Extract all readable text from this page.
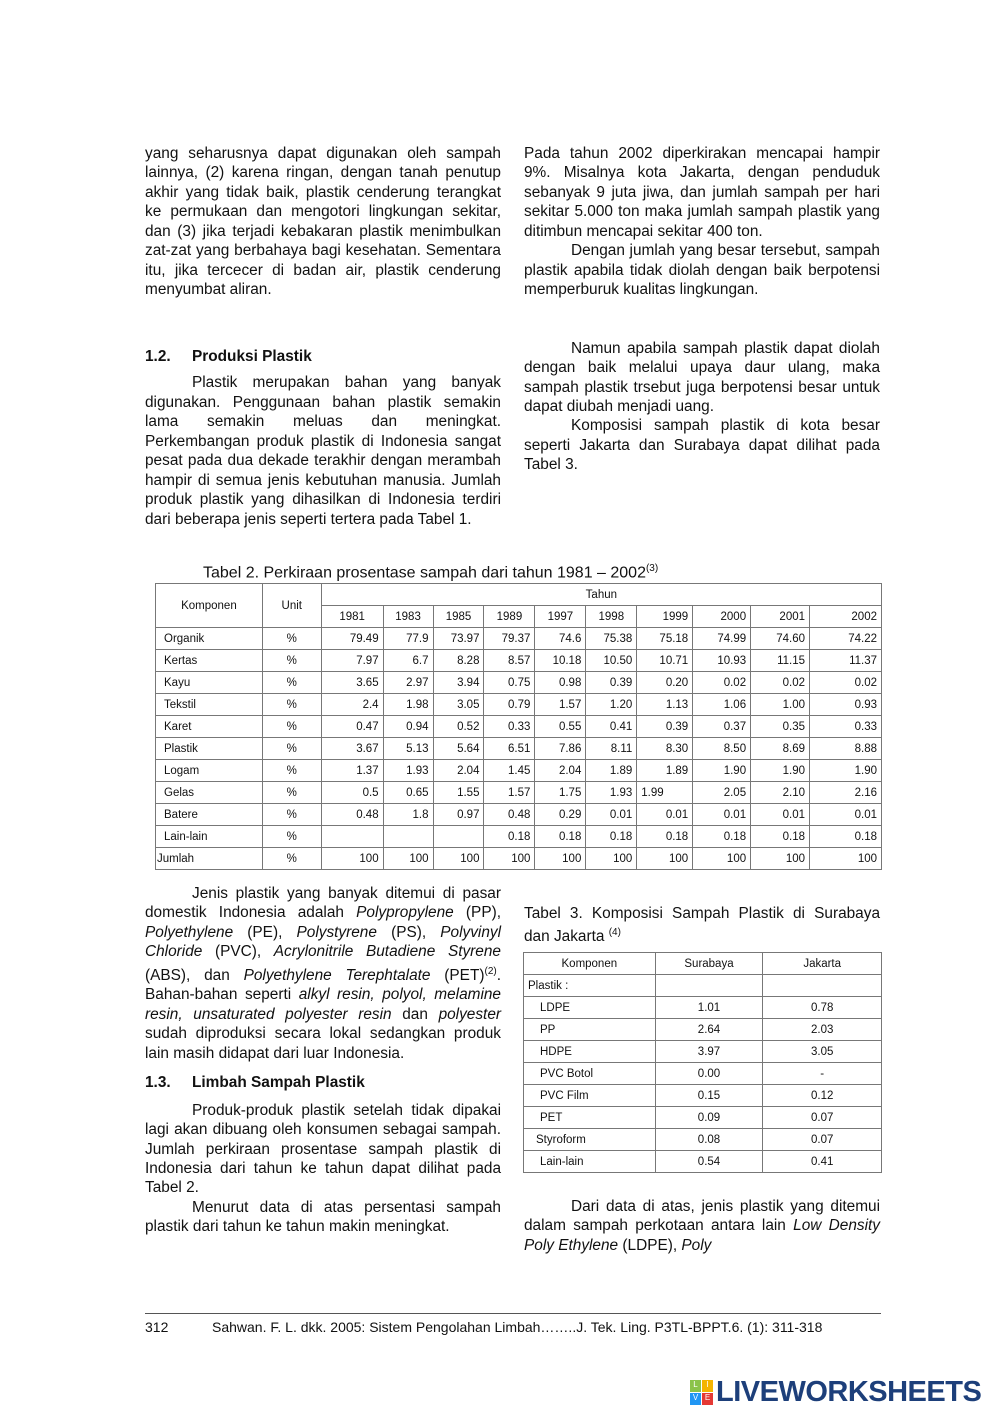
yang seharusnya dapat digunakan oleh sampah lainnya, (2) karena ringan, dengan tanah penutup akhir yang tidak baik, plastik cenderung terangkat ke permukaan dan mengotori lingkungan sekitar, dan (3) jika terjadi kebakaran plastik menimbulkan zat-zat yang berbahaya bagi kesehatan. Sementara itu, jika tercecer di badan air, plastik cenderung menyumbat aliran.

1.2. Produksi Plastik

Plastik merupakan bahan yang banyak digunakan. Penggunaan bahan plastik semakin lama semakin meluas dan meningkat. Perkembangan produk plastik di Indonesia sangat pesat pada dua dekade terakhir dengan merambah hampir di semua jenis kebutuhan manusia. Jumlah produk plastik yang dihasilkan di Indonesia terdiri dari beberapa jenis seperti tertera pada Tabel 1.

Pada tahun 2002 diperkirakan mencapai hampir 9%. Misalnya kota Jakarta, dengan penduduk sebanyak 9 juta jiwa, dan jumlah sampah per hari sekitar 5.000 ton maka jumlah sampah plastik yang ditimbun mencapai sekitar 400 ton.

Dengan jumlah yang besar tersebut, sampah plastik apabila tidak diolah dengan baik berpotensi memperburuk kualitas lingkungan.

Namun apabila sampah plastik dapat diolah dengan baik melalui upaya daur ulang, maka sampah plastik trsebut juga berpotensi besar untuk dapat diubah menjadi uang.

Komposisi sampah plastik di kota besar seperti Jakarta dan Surabaya dapat dilihat pada Tabel 3.

Tabel 2. Perkiraan prosentase sampah dari tahun 1981 – 2002$^{(3)}$
Komponen	Unit	Tahun									
		1981	1983	1985	1989	1997	1998	1999	2000	2001	2002
Organik	%	79.49	77.9	73.97	79.37	74.6	75.38	75.18	74.99	74.60	74.22
Kertas	%	7.97	6.7	8.28	8.57	10.18	10.50	10.71	10.93	11.15	11.37
Kayu	%	3.65	2.97	3.94	0.75	0.98	0.39	0.20	0.02	0.02	0.02
Tekstil	%	2.4	1.98	3.05	0.79	1.57	1.20	1.13	1.06	1.00	0.93
Karet	%	0.47	0.94	0.52	0.33	0.55	0.41	0.39	0.37	0.35	0.33
Plastik	%	3.67	5.13	5.64	6.51	7.86	8.11	8.30	8.50	8.69	8.88
Logam	%	1.37	1.93	2.04	1.45	2.04	1.89	1.89	1.90	1.90	1.90
Gelas	%	0.5	0.65	1.55	1.57	1.75	1.93	1.99	2.05	2.10	2.16
Batere	%	0.48	1.8	0.97	0.48	0.29	0.01	0.01	0.01	0.01	0.01
Lain-lain	%				0.18	0.18	0.18	0.18	0.18	0.18	0.18
Jumlah	%	100	100	100	100	100	100	100	100	100	100

Jenis plastik yang banyak ditemui di pasar domestik Indonesia adalah Polypropylene (PP), Polyethylene (PE), Polystyrene (PS), Polyvinyl Chloride (PVC), Acrylonitrile Butadiene Styrene (ABS), dan Polyethylene Terephtalate (PET)$^{(2)}$. Bahan-bahan seperti alkyl resin, polyol, melamine resin, unsaturated polyester resin dan polyester sudah diproduksi secara lokal sedangkan produk lain masih didapat dari luar Indonesia.

1.3. Limbah Sampah Plastik

Produk-produk plastik setelah tidak dipakai lagi akan dibuang oleh konsumen sebagai sampah. Jumlah perkiraan prosentase sampah plastik di Indonesia dari tahun ke tahun dapat dilihat pada Tabel 2.

Menurut data di atas persentasi sampah plastik dari tahun ke tahun makin meningkat.

Tabel 3. Komposisi Sampah Plastik di Surabaya dan Jakarta $^{(4)}$
Komponen	Surabaya	Jakarta
Plastik :		
LDPE	1.01	0.78
PP	2.64	2.03
HDPE	3.97	3.05
PVC Botol	0.00	-
PVC Film	0.15	0.12
PET	0.09	0.07
Styroform	0.08	0.07
Lain-lain	0.54	0.41

Dari data di atas, jenis plastik yang ditemui dalam sampah perkotaan antara lain Low Density Poly Ethylene (LDPE), Poly

312	Sahwan. F. L. dkk. 2005: Sistem Pengolahan Limbah……..J. Tek. Ling. P3TL-BPPT.6. (1): 311-318
L	I
V E LIVEWORKSHEETS
